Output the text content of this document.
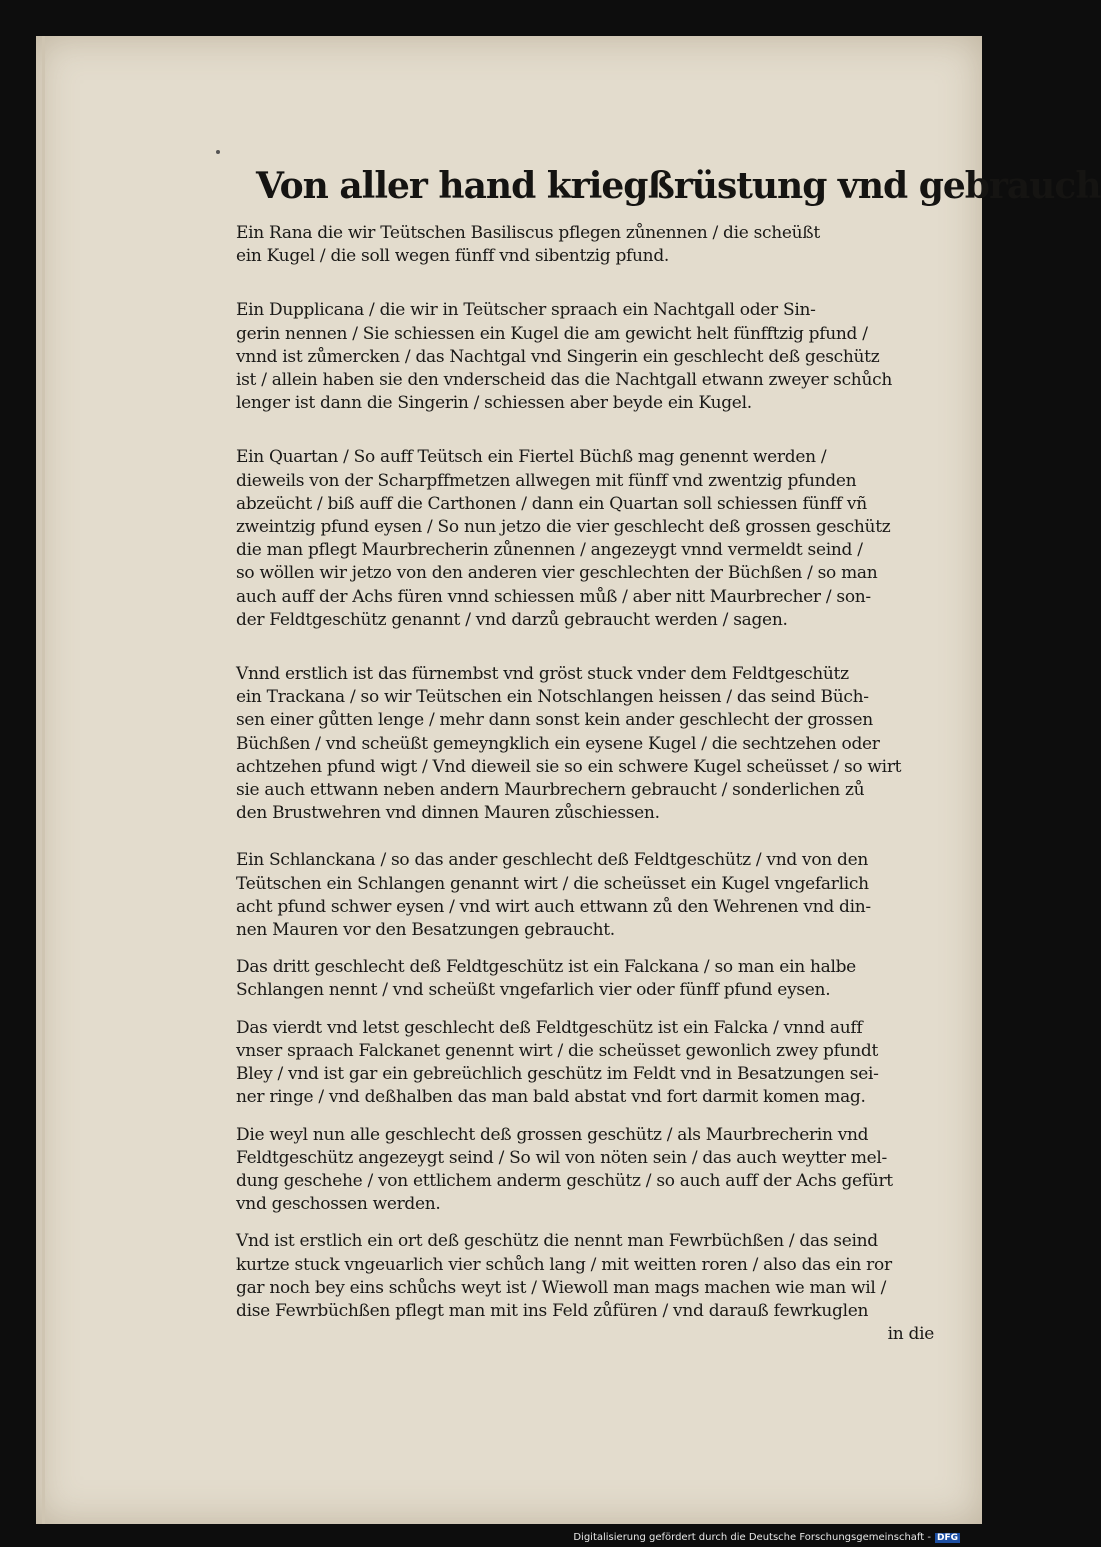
Von aller hand kriegßrüstung vnd gebrauch
Ein Rana die wir Teütschen Basiliscus pflegen zůnennen / die scheüßt
ein Kugel / die soll wegen fünff vnd sibentzig pfund.
Ein Dupplicana / die wir in Teütscher spraach ein Nachtgall oder Sin-
gerin nennen / Sie schiessen ein Kugel die am gewicht helt fünfftzig pfund /
vnnd ist zůmercken / das Nachtgal vnd Singerin ein geschlecht deß geschütz
ist / allein haben sie den vnderscheid das die Nachtgall etwann zweyer schůch
lenger ist dann die Singerin / schiessen aber beyde ein Kugel.
Ein Quartan / So auff Teütsch ein Fiertel Büchß mag genennt werden /
dieweils von der Scharpffmetzen allwegen mit fünff vnd zwentzig pfunden
abzeücht / biß auff die Carthonen / dann ein Quartan soll schiessen fünff vñ
zweintzig pfund eysen / So nun jetzo die vier geschlecht deß grossen geschütz
die man pflegt Maurbrecherin zůnennen / angezeygt vnnd vermeldt seind /
so wöllen wir jetzo von den anderen vier geschlechten der Büchßen / so man
auch auff der Achs füren vnnd schiessen můß / aber nitt Maurbrecher / son-
der Feldtgeschütz genannt / vnd darzů gebraucht werden / sagen.
Vnnd erstlich ist das fürnembst vnd gröst stuck vnder dem Feldtgeschütz
ein Trackana / so wir Teütschen ein Notschlangen heissen / das seind Büch-
sen einer gůtten lenge / mehr dann sonst kein ander geschlecht der grossen
Büchßen / vnd scheüßt gemeyngklich ein eysene Kugel / die sechtzehen oder
achtzehen pfund wigt / Vnd dieweil sie so ein schwere Kugel scheüsset / so wirt
sie auch ettwann neben andern Maurbrechern gebraucht / sonderlichen zů
den Brustwehren vnd dinnen Mauren zůschiessen.
Ein Schlanckana / so das ander geschlecht deß Feldtgeschütz / vnd von den
Teütschen ein Schlangen genannt wirt / die scheüsset ein Kugel vngefarlich
acht pfund schwer eysen / vnd wirt auch ettwann zů den Wehrenen vnd din-
nen Mauren vor den Besatzungen gebraucht.
Das dritt geschlecht deß Feldtgeschütz ist ein Falckana / so man ein halbe
Schlangen nennt / vnd scheüßt vngefarlich vier oder fünff pfund eysen.
Das vierdt vnd letst geschlecht deß Feldtgeschütz ist ein Falcka / vnnd auff
vnser spraach Falckanet genennt wirt / die scheüsset gewonlich zwey pfundt
Bley / vnd ist gar ein gebreüchlich geschütz im Feldt vnd in Besatzungen sei-
ner ringe / vnd deßhalben das man bald abstat vnd fort darmit komen mag.
Die weyl nun alle geschlecht deß grossen geschütz / als Maurbrecherin vnd
Feldtgeschütz angezeygt seind / So wil von nöten sein / das auch weytter mel-
dung geschehe / von ettlichem anderm geschütz / so auch auff der Achs gefürt
vnd geschossen werden.
Vnd ist erstlich ein ort deß geschütz die nennt man Fewrbüchßen / das seind
kurtze stuck vngeuarlich vier schůch lang / mit weitten roren / also das ein ror
gar noch bey eins schůchs weyt ist / Wiewoll man mags machen wie man wil /
dise Fewrbüchßen pflegt man mit ins Feld zůfüren / vnd darauß fewrkuglen
in die
Digitalisierung gefördert durch die Deutsche Forschungsgemeinschaft - DFG
